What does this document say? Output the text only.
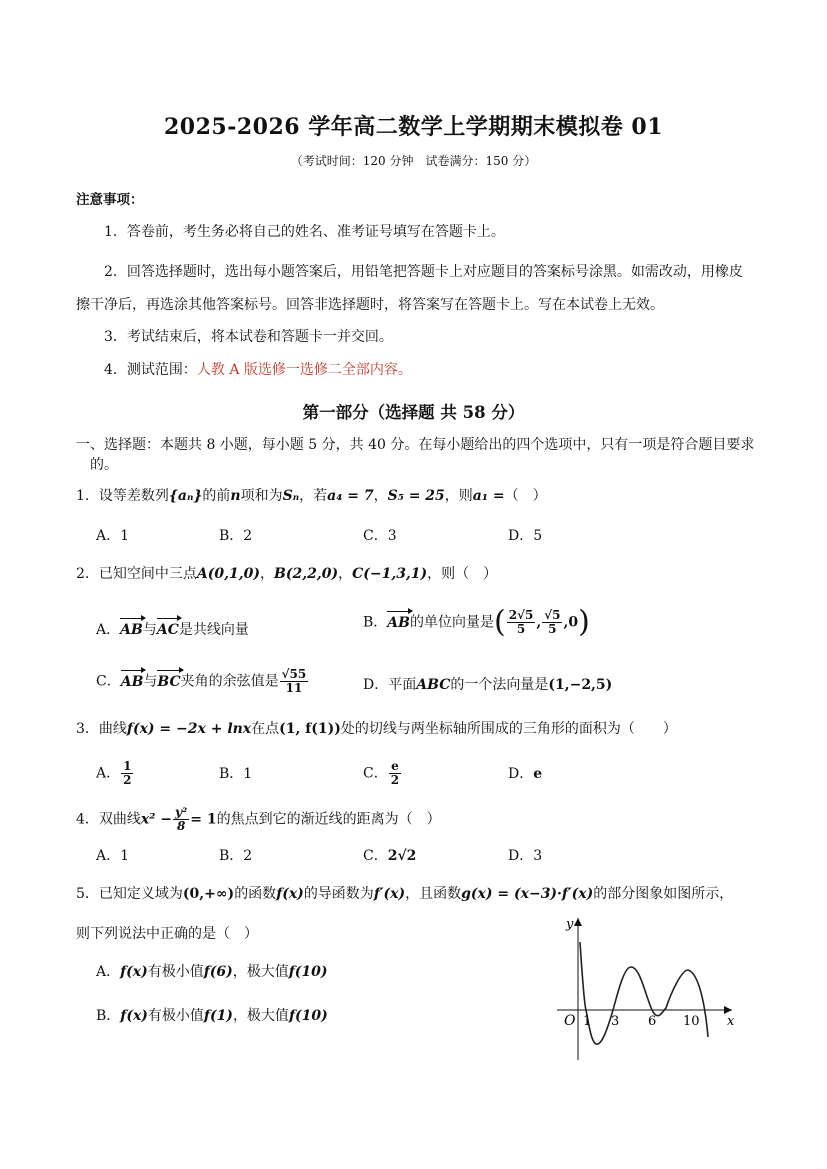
2025-2026 学年高二数学上学期期末模拟卷 01
（考试时间：120 分钟　试卷满分：150 分）
注意事项：
1．答卷前，考生务必将自己的姓名、准考证号填写在答题卡上。
2．回答选择题时，选出每小题答案后，用铅笔把答题卡上对应题目的答案标号涂黑。如需改动，用橡皮擦干净后，再选涂其他答案标号。回答非选择题时，将答案写在答题卡上。写在本试卷上无效。
3．考试结束后，将本试卷和答题卡一并交回。
4．测试范围：人教 A 版选修一选修二全部内容。
第一部分（选择题 共 58 分）
一、选择题：本题共 8 小题，每小题 5 分，共 40 分。在每小题给出的四个选项中，只有一项是符合题目要求的。
1．设等差数列{aₙ}的前n项和为Sₙ，若a₄ = 7，S₅ = 25，则a₁ =（　）
A．1	B．2	C．3	D．5
2．已知空间中三点A(0,1,0)，B(2,2,0)，C(−1,3,1)，则（　）
A．AB与AC是共线向量	B．AB的单位向量是( $\frac{2√5}{5}$ , $\frac{√5}{5} ,0$)
C．AB与BC夹角的余弦值是 $\frac{√55}{11}$	D．平面ABC的一个法向量是(1,−2,5)
3．曲线f(x) = −2x + lnx在点(1, f(1))处的切线与两坐标轴所围成的三角形的面积为（　　）
A． $\frac{1}{2}$	B．1	C． $\frac{e}{2}$	D．e
4．双曲线$x^2 - \frac{\text{y²}}{8} = 1$的焦点到它的渐近线的距离为（　）
A．1	B．2	C．2√2	D．3
5．已知定义域为(0,+∞)的函数f(x)的导函数为f′(x)，且函数g(x) = (x−3)·f′(x)的部分图象如图所示，
则下列说法中正确的是（　）
A．f(x)有极小值f(6)，极大值f(10)
B．f(x)有极小值f(1)，极大值f(10)
y
x
O 1 3 6 10
